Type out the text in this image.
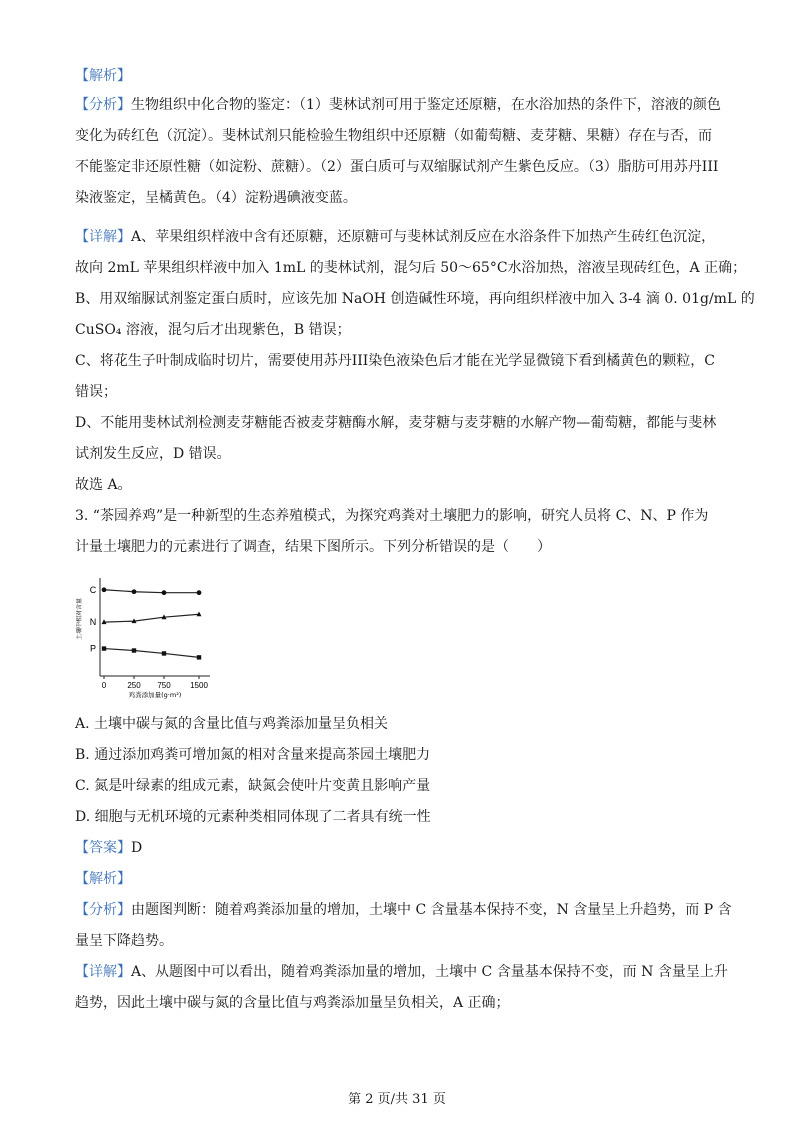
【解析】
【分析】生物组织中化合物的鉴定：（1）斐林试剂可用于鉴定还原糖，在水浴加热的条件下，溶液的颜色
变化为砖红色（沉淀）。斐林试剂只能检验生物组织中还原糖（如葡萄糖、麦芽糖、果糖）存在与否，而
不能鉴定非还原性糖（如淀粉、蔗糖）。（2）蛋白质可与双缩脲试剂产生紫色反应。（3）脂肪可用苏丹III
染液鉴定，呈橘黄色。（4）淀粉遇碘液变蓝。
【详解】A、苹果组织样液中含有还原糖，还原糖可与斐林试剂反应在水浴条件下加热产生砖红色沉淀，
故向 2mL 苹果组织样液中加入 1mL 的斐林试剂，混匀后 50～65°C水浴加热，溶液呈现砖红色，A 正确；
B、用双缩脲试剂鉴定蛋白质时，应该先加 NaOH 创造碱性环境，再向组织样液中加入 3-4 滴 0. 01g/mL 的
CuSO₄ 溶液，混匀后才出现紫色，B 错误；
C、将花生子叶制成临时切片，需要使用苏丹III染色液染色后才能在光学显微镜下看到橘黄色的颗粒，C
错误；
D、不能用斐林试剂检测麦芽糖能否被麦芽糖酶水解，麦芽糖与麦芽糖的水解产物—葡萄糖，都能与斐林
试剂发生反应，D 错误。
故选 A。
3. “茶园养鸡”是一种新型的生态养殖模式，为探究鸡粪对土壤肥力的影响，研究人员将 C、N、P 作为
计量土壤肥力的元素进行了调查，结果下图所示。下列分析错误的是（　　）
A. 土壤中碳与氮的含量比值与鸡粪添加量呈负相关
B. 通过添加鸡粪可增加氮的相对含量来提高茶园土壤肥力
C. 氮是叶绿素的组成元素，缺氮会使叶片变黄且影响产量
D. 细胞与无机环境的元素种类相同体现了二者具有统一性
【答案】D
【解析】
【分析】由题图判断：随着鸡粪添加量的增加，土壤中 C 含量基本保持不变，N 含量呈上升趋势，而 P 含
量呈下降趋势。
【详解】A、从题图中可以看出，随着鸡粪添加量的增加，土壤中 C 含量基本保持不变，而 N 含量呈上升
趋势，因此土壤中碳与氮的含量比值与鸡粪添加量呈负相关，A 正确；
0	250 750 1500
鸡粪添加量(g·m²)
土壤中相对含量
C
N
P
第 2 页/共 31 页
